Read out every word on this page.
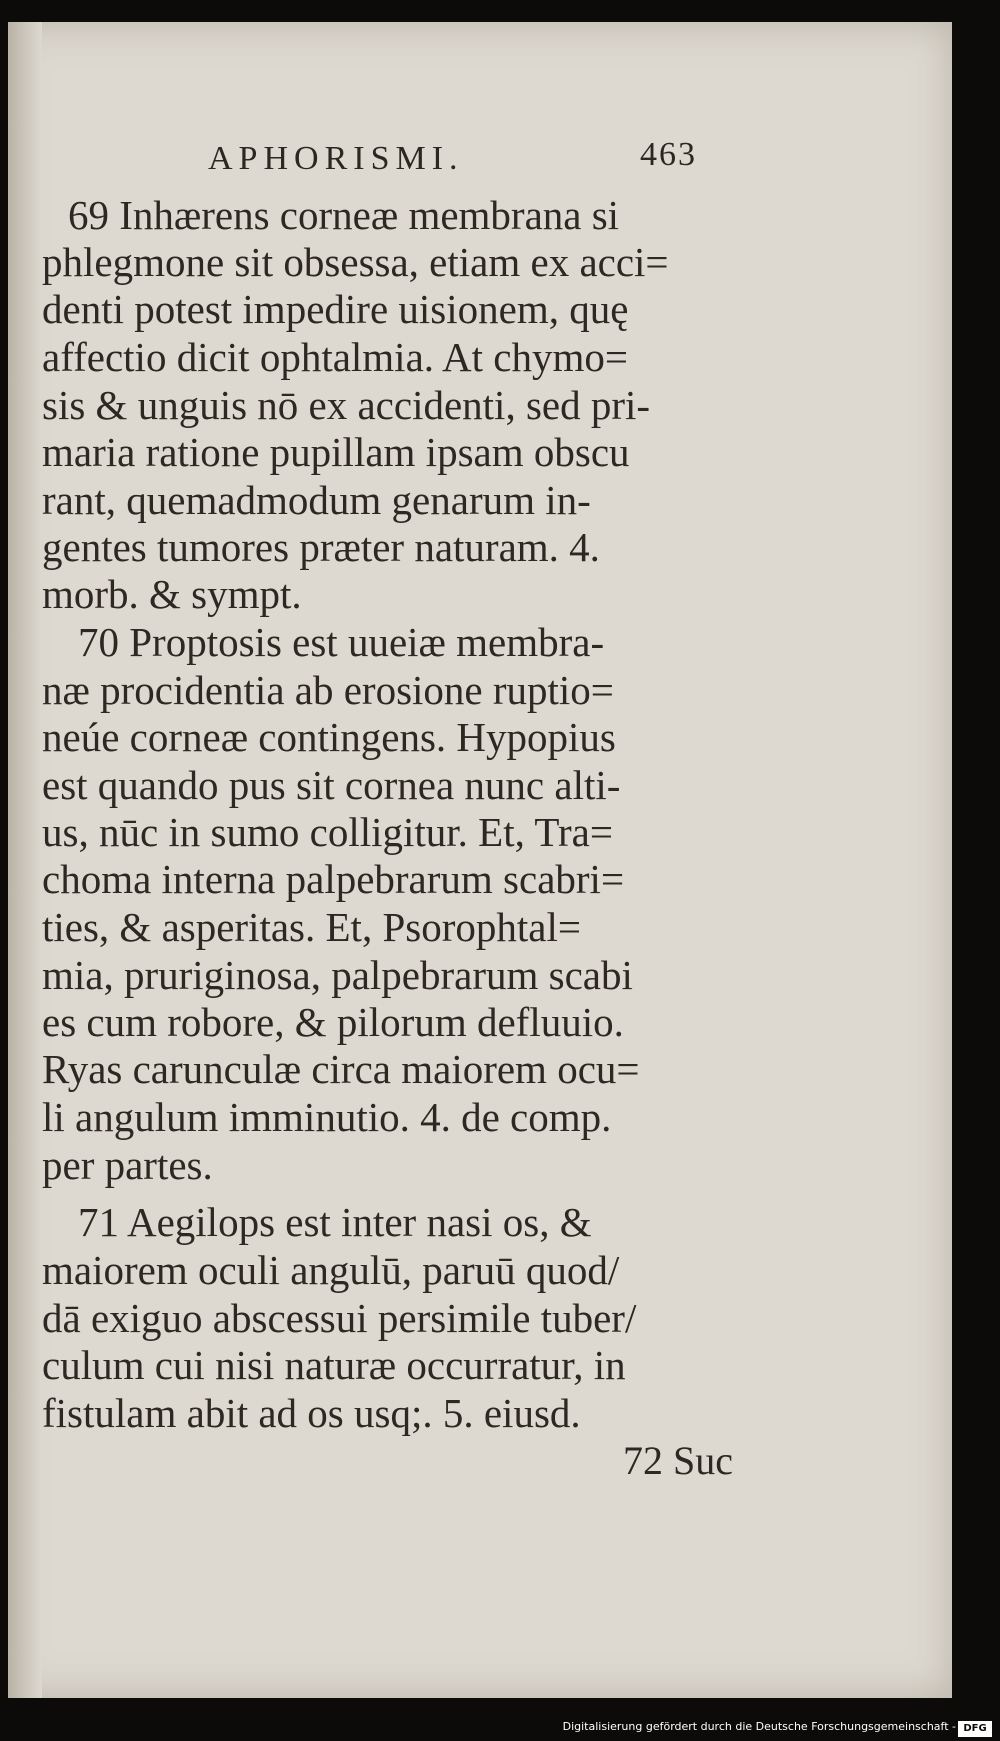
APHORISMI.	463
69 Inhærens corneæ membrana si
phlegmone sit obsessa, etiam ex acci=
denti potest impedire uisionem, quę
affectio dicit ophtalmia. At chymo=
sis & unguis nō ex accidenti, sed pri-
maria ratione pupillam ipsam obscu
rant, quemadmodum genarum in-
gentes tumores præter naturam. 4.
morb. & sympt.
70 Proptosis est uueiæ membra-
næ procidentia ab erosione ruptio=
neúe corneæ contingens. Hypopius
est quando pus sit cornea nunc alti-
us, nūc in sumo colligitur. Et, Tra=
choma interna palpebrarum scabri=
ties, & asperitas. Et, Psorophtal=
mia, pruriginosa, palpebrarum scabi
es cum robore, & pilorum defluuio.
Ryas carunculæ circa maiorem ocu=
li angulum imminutio. 4. de comp.
per partes.
71 Aegilops est inter nasi os, &
maiorem oculi angulū, paruū quod/
dā exiguo abscessui persimile tuber/
culum cui nisi naturæ occurratur, in
fistulam abit ad os usq;. 5. eiusd.
72 Suc
Digitalisierung gefördert durch die Deutsche Forschungsgemeinschaft - DFG
